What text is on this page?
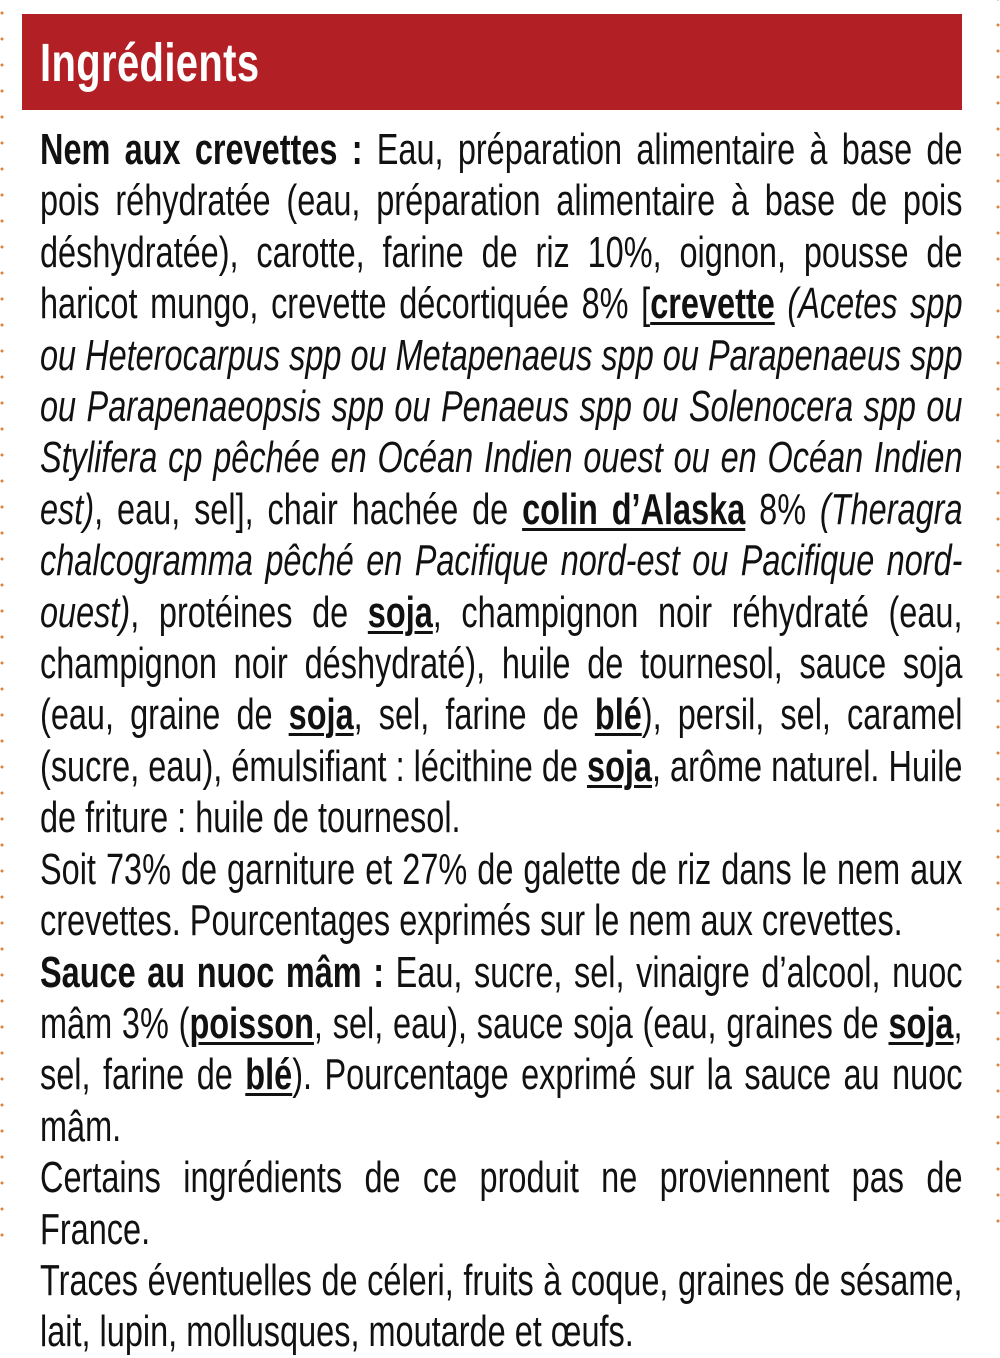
Ingrédients

Nem aux crevettes : Eau, préparation alimentaire à base de pois réhydratée (eau, préparation alimentaire à base de pois déshydratée), carotte, farine de riz 10%, oignon, pousse de haricot mungo, crevette décortiquée 8% [crevette (Acetes spp ou Heterocarpus spp ou Metapenaeus spp ou Parapenaeus spp ou Parapenaeopsis spp ou Penaeus spp ou Solenocera spp ou Stylifera cp pêchée en Océan Indien ouest ou en Océan Indien est), eau, sel], chair hachée de colin d’Alaska 8% (Theragra chalcogramma pêché en Pacifique nord-est ou Pacifique nord-ouest), protéines de soja, champignon noir réhydraté (eau, champignon noir déshydraté), huile de tournesol, sauce soja (eau, graine de soja, sel, farine de blé), persil, sel, caramel (sucre, eau), émulsifiant : lécithine de soja, arôme naturel. Huile de friture : huile de tournesol.

Soit 73% de garniture et 27% de galette de riz dans le nem aux crevettes. Pourcentages exprimés sur le nem aux crevettes.

Sauce au nuoc mâm : Eau, sucre, sel, vinaigre d’alcool, nuoc mâm 3% (poisson, sel, eau), sauce soja (eau, graines de soja, sel, farine de blé). Pourcentage exprimé sur la sauce au nuoc mâm.

Certains ingrédients de ce produit ne proviennent pas de France.

Traces éventuelles de céleri, fruits à coque, graines de sésame, lait, lupin, mollusques, moutarde et œufs.
